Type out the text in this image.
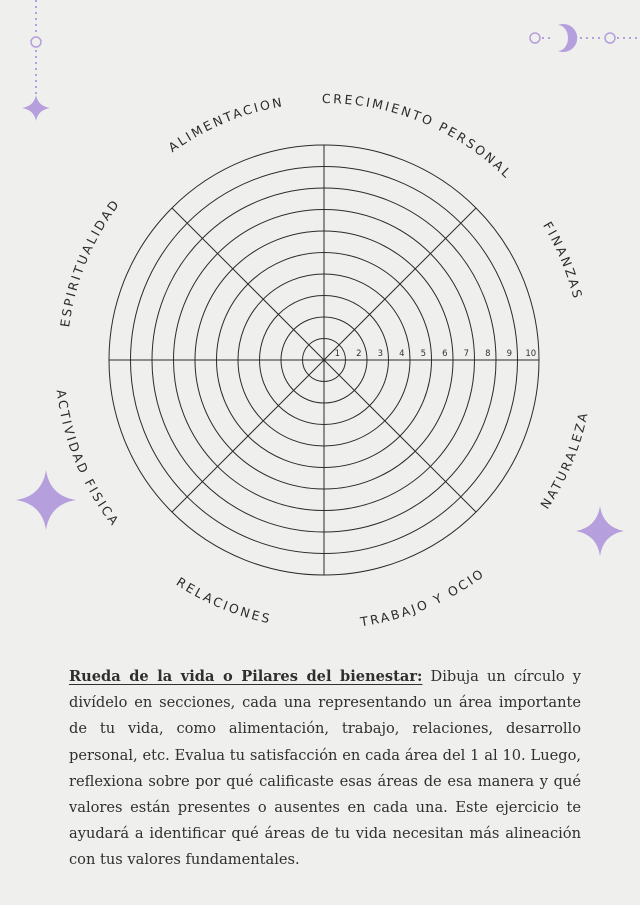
1 2 3 4 5 6 7 8 9 10
ALIMENTACION	CRECIMIENTO PERSONAL
FINANZAS
NATURALEZA
TRABAJO Y OCIO
RELACIONES
ACTIVIDAD FISICA
ESPIRITUALIDAD

Rueda de la vida o Pilares del bienestar: Dibuja un círculo y divídelo en secciones, cada una representando un área importante de tu vida, como alimentación, trabajo, relaciones, desarrollo personal, etc. Evalua tu satisfacción en cada área del 1 al 10. Luego, reflexiona sobre por qué calificaste esas áreas de esa manera y qué valores están presentes o ausentes en cada una. Este ejercicio te ayudará a identificar qué áreas de tu vida necesitan más alineación con tus valores fundamentales.
